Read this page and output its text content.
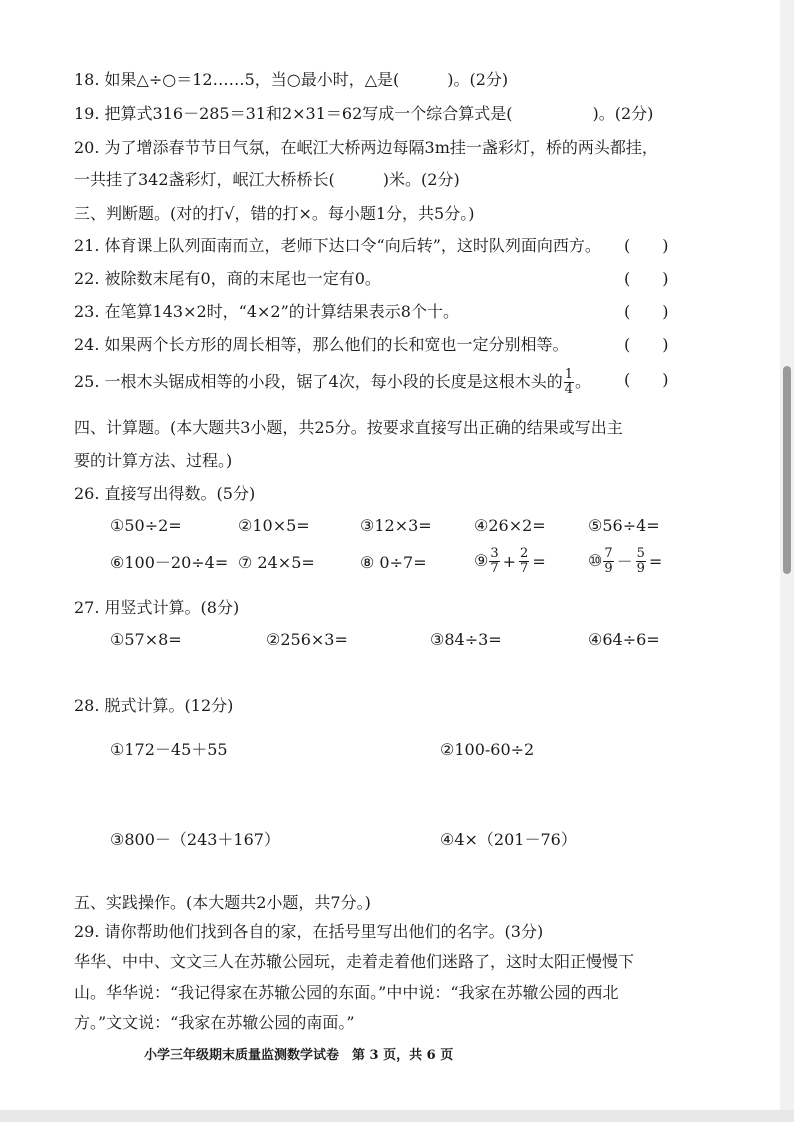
18. 如果△÷○＝12……5，当○最小时，△是(　　　)。(2分)
19. 把算式316－285＝31和2×31＝62写成一个综合算式是(　　　　　)。(2分)
20. 为了增添春节节日气氛，在岷江大桥两边每隔3m挂一盏彩灯，桥的两头都挂，
一共挂了342盏彩灯，岷江大桥桥长(　　　)米。(2分)
三、判断题。(对的打√，错的打×。每小题1分，共5分。)
21. 体育课上队列面南而立，老师下达口令“向后转”，这时队列面向西方。 (　　)
22. 被除数末尾有0，商的末尾也一定有0。	(　　)
23. 在笔算143×2时，“4×2”的计算结果表示8个十。	(　　)
24. 如果两个长方形的周长相等，那么他们的长和宽也一定分别相等。	(　　)
25. 一根木头锯成相等的小段，锯了4次，每小段的长度是这根木头的 $\frac{1}{4}$ 。 (　　)
四、计算题。(本大题共3小题，共25分。按要求直接写出正确的结果或写出主
要的计算方法、过程。)
26. 直接写出得数。(5分)
①50÷2=	②10×5=	③12×3=	④26×2=	⑤56÷4=
⑥100－20÷4= ⑦ 24×5=	⑧ 0÷7=	⑨ $\frac{3}{7} + \frac{2}{7}$ =	⑩ $\frac{7}{9} - \frac{5}{9}$ =
27. 用竖式计算。(8分)
①57×8=	②256×3=	③84÷3=	④64÷6=
28. 脱式计算。(12分)
①172－45＋55	②100-60÷2
③800－（243＋167）	④4×（201－76）
五、实践操作。(本大题共2小题，共7分。)
29. 请你帮助他们找到各自的家，在括号里写出他们的名字。(3分)
华华、中中、文文三人在苏辙公园玩，走着走着他们迷路了，这时太阳正慢慢下
山。华华说：“我记得家在苏辙公园的东面。”中中说：“我家在苏辙公园的西北
方。”文文说：“我家在苏辙公园的南面。”
小学三年级期末质量监测数学试卷　第 3 页，共 6 页
